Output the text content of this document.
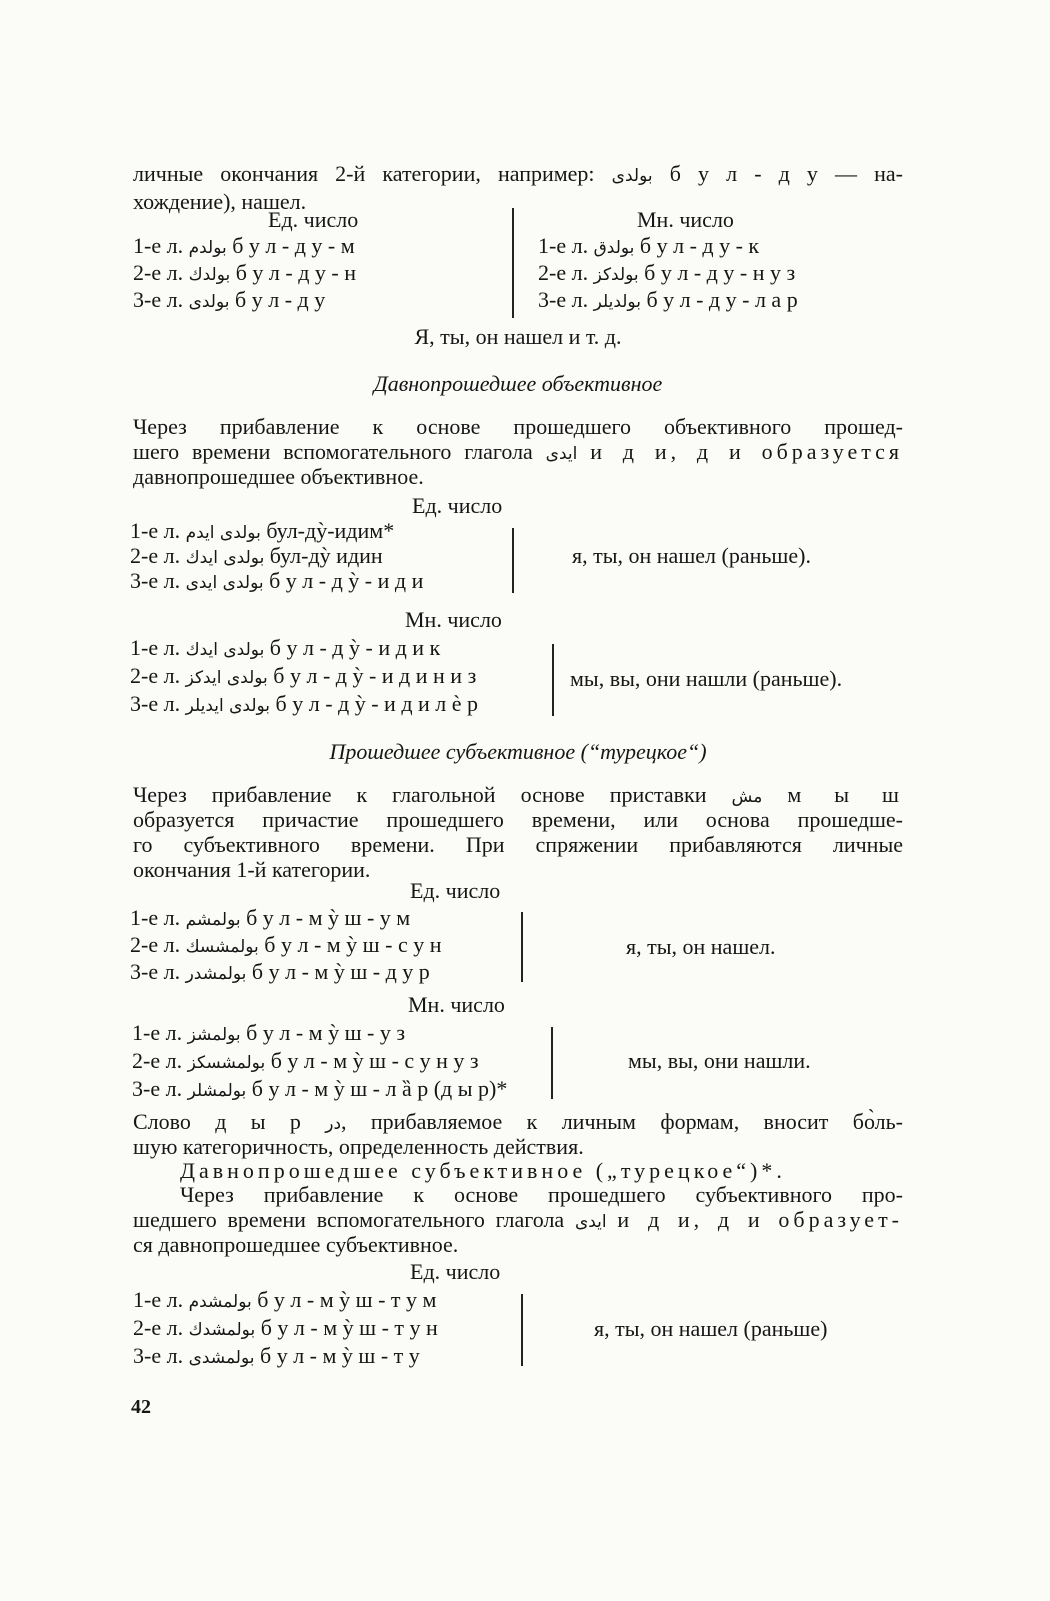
личные окончания 2-й категории, например: بولدی б у л - д у — на-
хождение), нашел.
Ед. число	Мн. число
1-е л. بولدم б у л - д у - м
2-е л. بولدك б у л - д у - н
3-е л. بولدی б у л - д у
1-е л. بولدق б у л - д у - к
2-е л. بولدکز б у л - д у - н у з
3-е л. بولديلر б у л - д у - л а р
Я, ты, он нашел и т. д.
Давнопрошедшее объективное
Через прибавление к основе прошедшего объективного прошед-
шего времени вспомогательного глагола ایدی и д и, д и образуется
давнопрошедшее объективное.
Ед. число
1-е л. بولدی ایدم бул-дỳ-идим*
2-е л. بولدی ایدك бул-дỳ идин
3-е л. بولدی ایدی б у л - д ỳ - и д и
я, ты, он нашел (раньше).
Мн. число
1-е л. بولدی ایدك б у л - д ỳ - и д и к
2-е л. بولدی ایدکز б у л - д ỳ - и д и н и з
3-е л. بولدی ایديلر б у л - д ỳ - и д и л ѐ р
мы, вы, они нашли (раньше).
Прошедшее субъективное (“турецкое“)
Через прибавление к глагольной основе приставки مش м ы ш
образуется причастие прошедшего времени, или основа прошедше-
го субъективного времени. При спряжении прибавляются личные
окончания 1-й категории.
Ед. число
1-е л. بولمشم б у л - м ỳ ш - у м
2-е л. بولمشسك б у л - м ỳ ш - с у н
3-е л. بولمشدر б у л - м ỳ ш - д у р
я, ты, он нашел.
Мн. число
1-е л. بولمشز б у л - м ỳ ш - у з
2-е л. بولمشسکز б у л - м ỳ ш - с у н у з
3-е л. بولمشلر б у л - м ỳ ш - л ȁ р (д ы р)*
мы, вы, они нашли.
Слово д ы р در, прибавляемое к личным формам, вносит бо̀ль-
шую категоричность, определенность действия.
Давнопрошедшее субъективное („турецкое“)*.
Через прибавление к основе прошедшего субъективного про-
шедшего времени вспомогательного глагола ایدی и д и, д и образует-
ся давнопрошедшее субъективное.
Ед. число
1-е л. بولمشدم б у л - м ỳ ш - т у м
2-е л. بولمشدك б у л - м ỳ ш - т у н
3-е л. بولمشدی б у л - м ỳ ш - т у
я, ты, он нашел (раньше)
42
